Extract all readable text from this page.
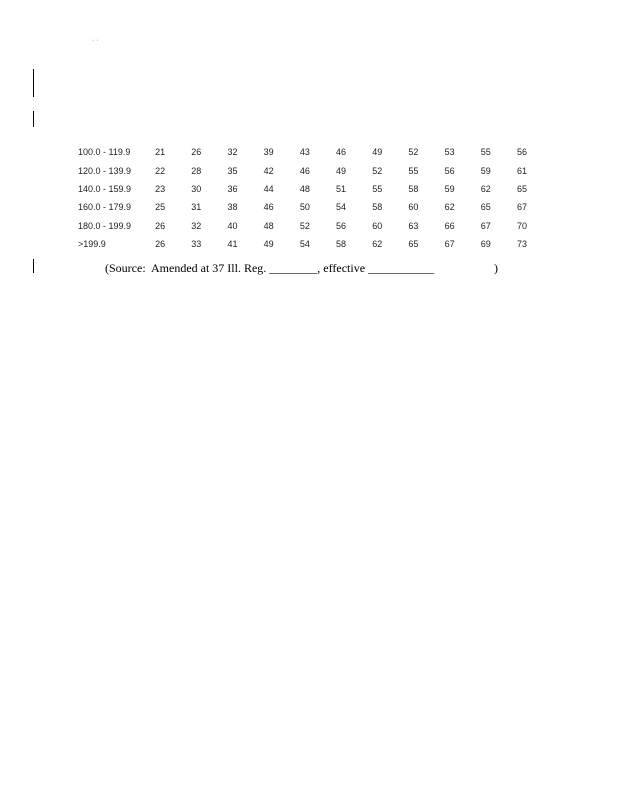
· ·
100.0 - 119.9	21	26	32	39	43	46	49	52	53	55	56
120.0 - 139.9	22	28	35	42	46	49	52	55	56	59	61
140.0 - 159.9	23	30	36	44	48	51	55	58	59	62	65
160.0 - 179.9	25	31	38	46	50	54	58	60	62	65	67
180.0 - 199.9	26	32	40	48	52	56	60	63	66	67	70
>199.9	26	33	41	49	54	58	62	65	67	69	73
(Source:  Amended at 37 Ill. Reg. ________, effective ___________                    )
